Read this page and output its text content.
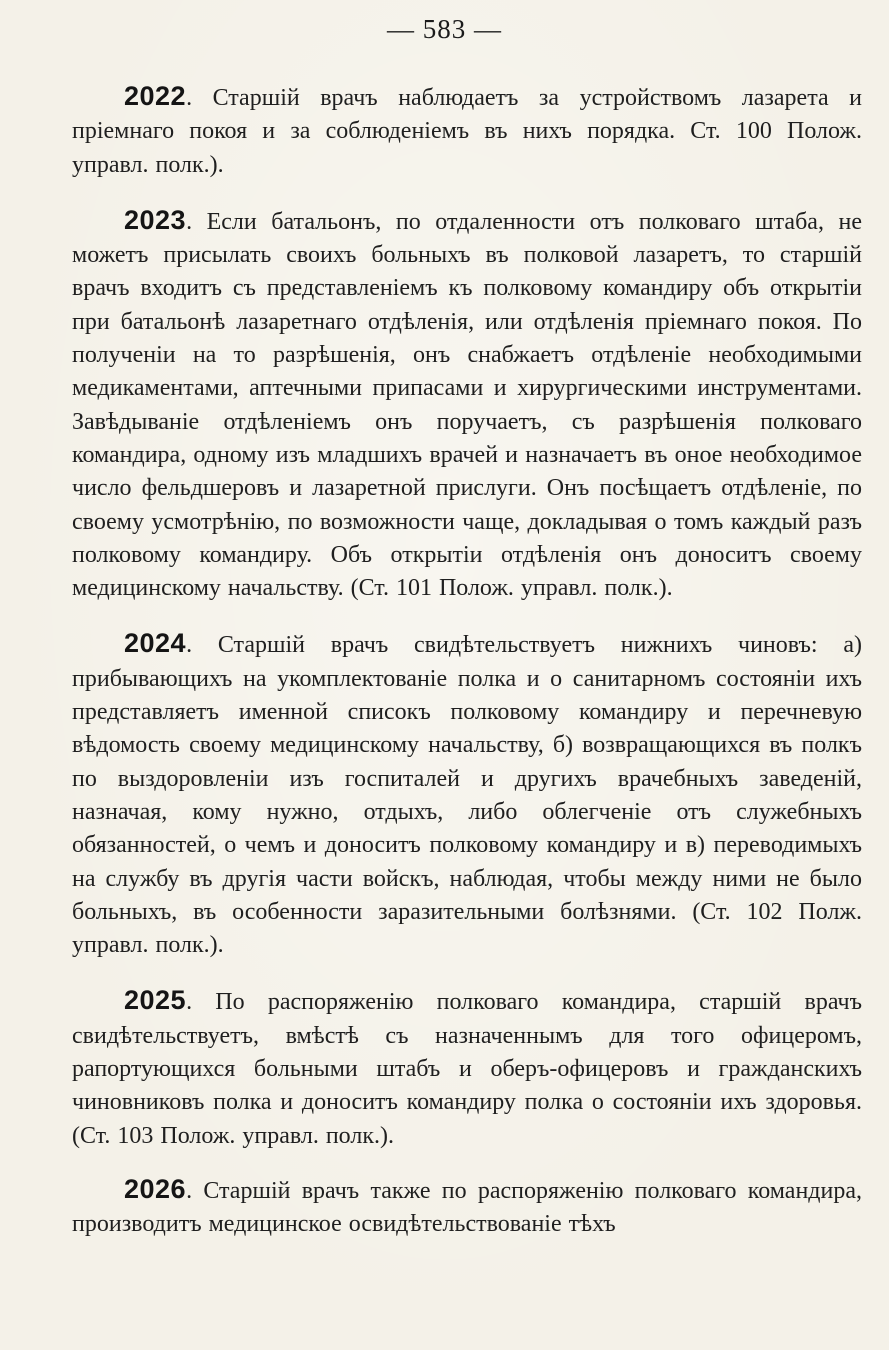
— 583 —

2022. Старшій врачъ наблюдаетъ за устройствомъ лазарета и пріемнаго покоя и за соблюденіемъ въ нихъ порядка. Ст. 100 Полож. управл. полк.).

2023. Если батальонъ, по отдаленности отъ полковаго штаба, не можетъ присылать своихъ больныхъ въ полковой лазаретъ, то старшій врачъ входитъ съ представленіемъ къ полковому командиру объ открытіи при батальонѣ лазаретнаго отдѣленія, или отдѣленія пріемнаго покоя. По полученіи на то разрѣшенія, онъ снабжаетъ отдѣленіе необходимыми медикаментами, аптечными припасами и хирургическими инструментами. Завѣдываніе отдѣленіемъ онъ поручаетъ, съ разрѣшенія полковаго командира, одному изъ младшихъ врачей и назначаетъ въ оное необходимое число фельдшеровъ и лазаретной прислуги. Онъ посѣщаетъ отдѣленіе, по своему усмотрѣнію, по возможности чаще, докладывая о томъ каждый разъ полковому командиру. Объ открытіи отдѣленія онъ доноситъ своему медицинскому начальству. (Ст. 101 Полож. управл. полк.).

2024. Старшій врачъ свидѣтельствуетъ нижнихъ чиновъ: а) прибывающихъ на укомплектованіе полка и о санитарномъ состояніи ихъ представляетъ именной списокъ полковому командиру и перечневую вѣдомость своему медицинскому начальству, б) возвращающихся въ полкъ по выздоровленіи изъ госпиталей и другихъ врачебныхъ заведеній, назначая, кому нужно, отдыхъ, либо облегченіе отъ служебныхъ обязанностей, о чемъ и доноситъ полковому командиру и в) переводимыхъ на службу въ другія части войскъ, наблюдая, чтобы между ними не было больныхъ, въ особенности заразительными болѣзнями. (Ст. 102 Полж. управл. полк.).

2025. По распоряженію полковаго командира, старшій врачъ свидѣтельствуетъ, вмѣстѣ съ назначеннымъ для того офицеромъ, рапортующихся больными штабъ и оберъ-офицеровъ и гражданскихъ чиновниковъ полка и доноситъ командиру полка о состояніи ихъ здоровья. (Ст. 103 Полож. управл. полк.).

2026. Старшій врачъ также по распоряженію полковаго командира, производитъ медицинское освидѣтельствованіе тѣхъ
